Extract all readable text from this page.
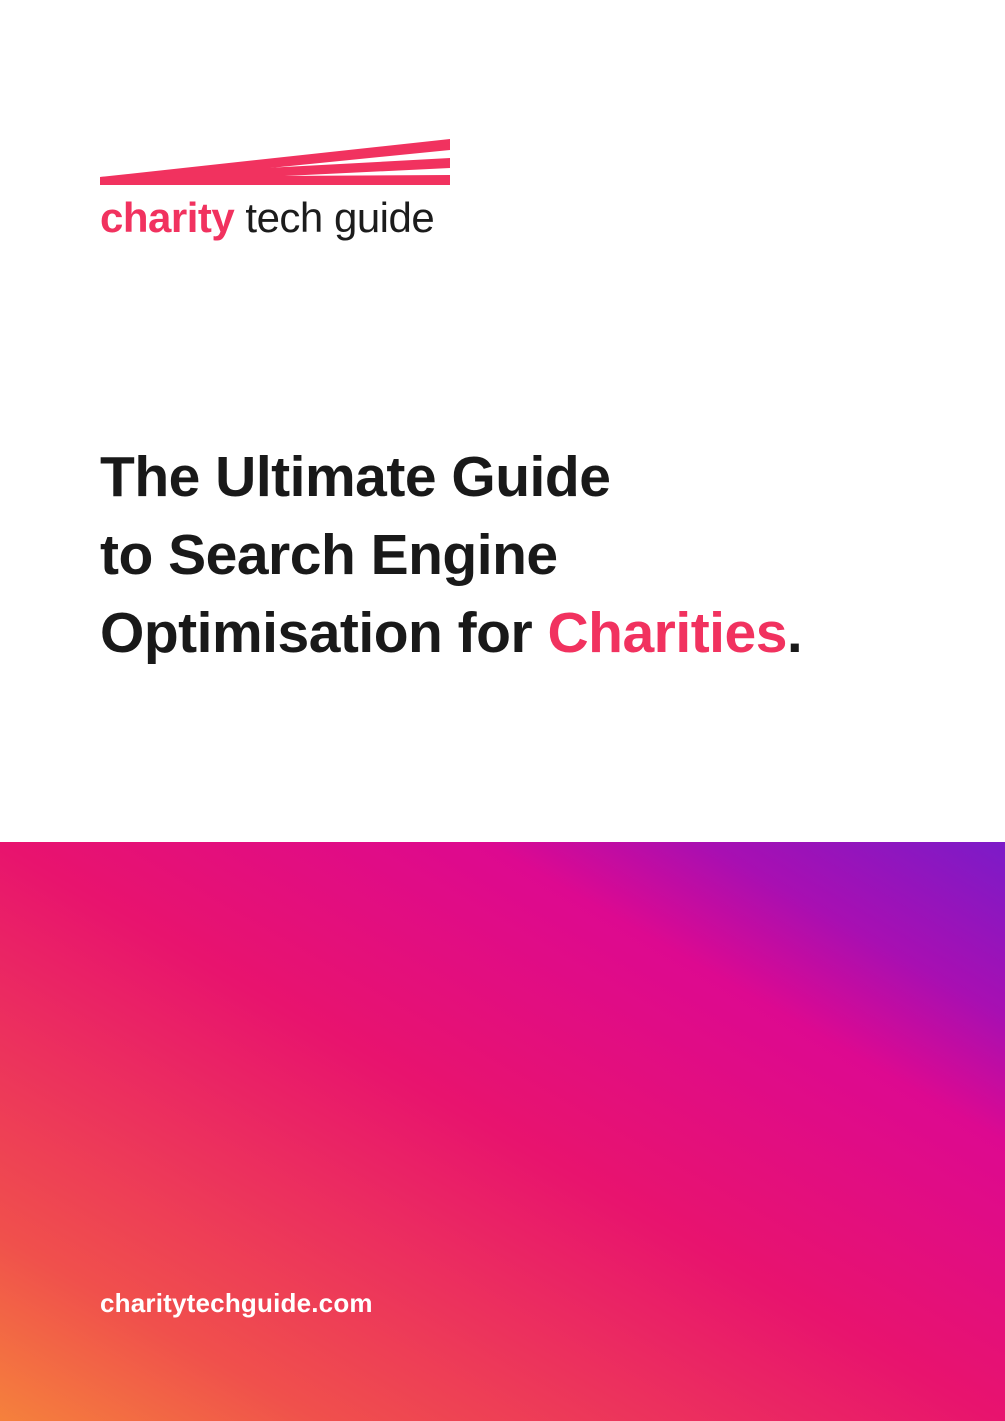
charity tech guide
The Ultimate Guide
to Search Engine
Optimisation for Charities.
charitytechguide.com
